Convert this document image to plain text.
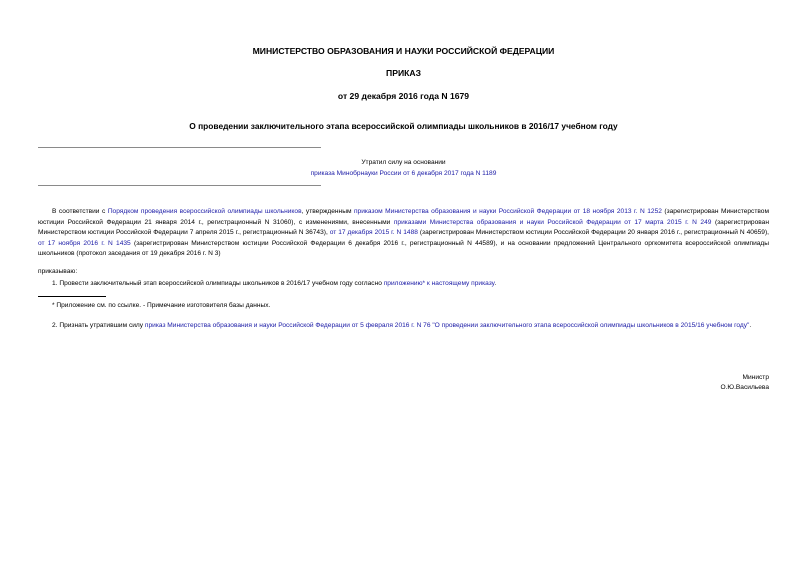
МИНИСТЕРСТВО ОБРАЗОВАНИЯ И НАУКИ РОССИЙСКОЙ ФЕДЕРАЦИИ
ПРИКАЗ
от 29 декабря 2016 года N 1679
О проведении заключительного этапа всероссийской олимпиады школьников в 2016/17 учебном году
Утратил силу на основании
приказа Минобрнауки России от 6 декабря 2017 года N 1189

В соответствии с Порядком проведения всероссийской олимпиады школьников, утвержденным приказом Министерства образования и науки Российской Федерации от 18 ноября 2013 г. N 1252 (зарегистрирован Министерством юстиции Российской Федерации 21 января 2014 г., регистрационный N 31060), с изменениями, внесенными приказами Министерства образования и науки Российской Федерации от 17 марта 2015 г. N 249 (зарегистрирован Министерством юстиции Российской Федерации 7 апреля 2015 г., регистрационный N 36743), от 17 декабря 2015 г. N 1488 (зарегистрирован Министерством юстиции Российской Федерации 20 января 2016 г., регистрационный N 40659), от 17 ноября 2016 г. N 1435 (зарегистрирован Министерством юстиции Российской Федерации 6 декабря 2016 г., регистрационный N 44589), и на основании предложений Центрального оргкомитета всероссийской олимпиады школьников (протокол заседания от 19 декабря 2016 г. N 3)

приказываю:
1. Провести заключительный этап всероссийской олимпиады школьников в 2016/17 учебном году согласно приложению* к настоящему приказу.
* Приложение см. по ссылке. - Примечание изготовителя базы данных.

2. Признать утратившим силу приказ Министерства образования и науки Российской Федерации от 5 февраля 2016 г. N 76 "О проведении заключительного этапа всероссийской олимпиады школьников в 2015/16 учебном году".

Министр
О.Ю.Васильева
